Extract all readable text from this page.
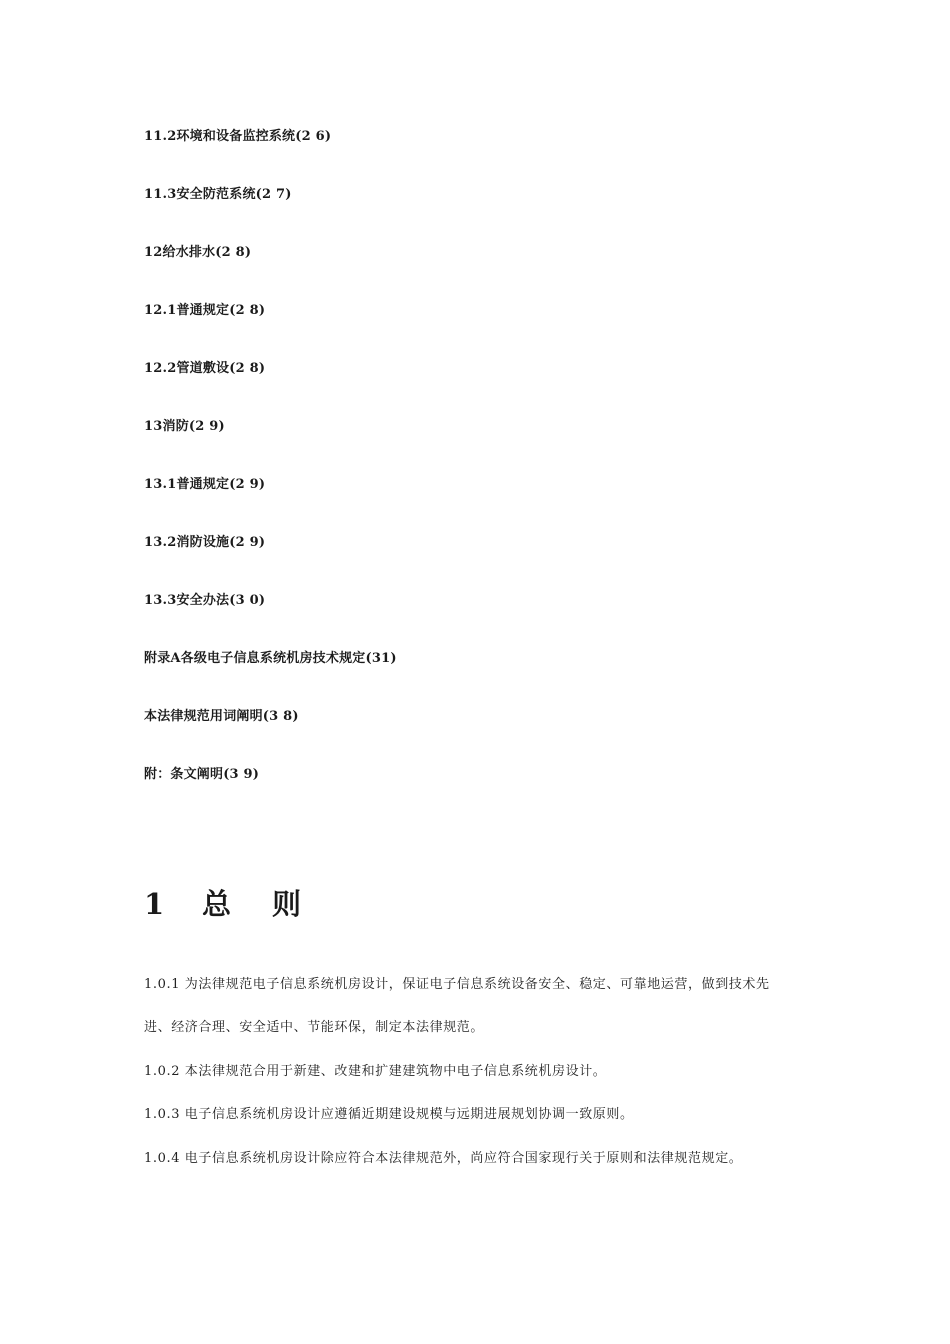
11.2环境和设备监控系统(2 6)
11.3安全防范系统(2 7)
12给水排水(2 8)
12.1普通规定(2 8)
12.2管道敷设(2 8)
13消防(2 9)
13.1普通规定(2 9)
13.2消防设施(2 9)
13.3安全办法(3 0)
附录A各级电子信息系统机房技术规定(31)
本法律规范用词阐明(3 8)
附：条文阐明(3 9)
1 总 则
1.0.1 为法律规范电子信息系统机房设计，保证电子信息系统设备安全、稳定、可靠地运营，做到技术先
进、经济合理、安全适中、节能环保，制定本法律规范。
1.0.2 本法律规范合用于新建、改建和扩建建筑物中电子信息系统机房设计。
1.0.3 电子信息系统机房设计应遵循近期建设规模与远期进展规划协调一致原则。
1.0.4 电子信息系统机房设计除应符合本法律规范外，尚应符合国家现行关于原则和法律规范规定。
